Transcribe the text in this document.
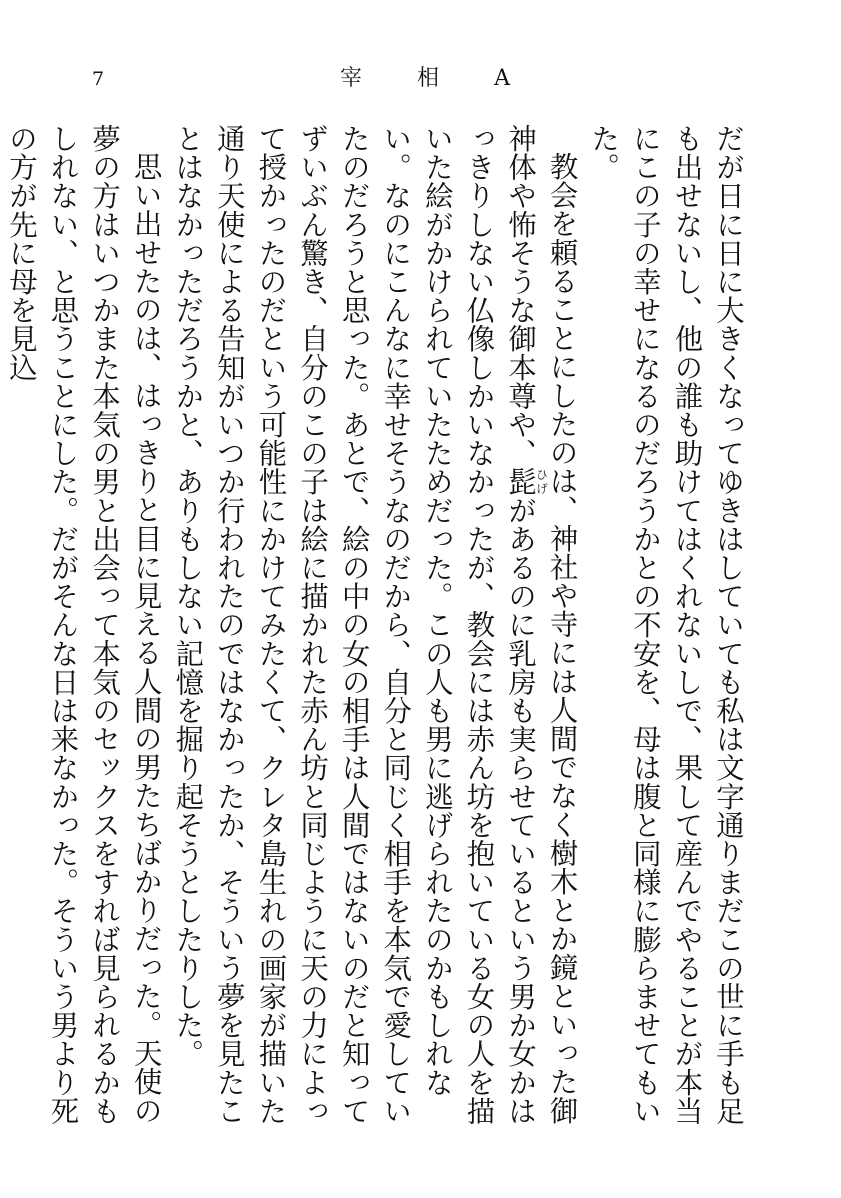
7	宰	相	A

だが日に日に大きくなってゆきはしていても私は文字通りまだこの世に手も足も出せないし、他の誰も助けてはくれないしで、果して産んでやることが本当にこの子の幸せになるのだろうかとの不安を、母は腹と同様に膨らませてもいた。

教会を頼ることにしたのは、神社や寺には人間でなく樹木とか鏡といった御神体や怖そうな御本尊や、髭ひげがあるのに乳房も実らせているという男か女かはっきりしない仏像しかいなかったが、教会には赤ん坊を抱いている女の人を描いた絵がかけられていたためだった。この人も男に逃げられたのかもしれない。なのにこんなに幸せそうなのだから、自分と同じく相手を本気で愛していたのだろうと思った。あとで、絵の中の女の相手は人間ではないのだと知ってずいぶん驚き、自分のこの子は絵に描かれた赤ん坊と同じように天の力によって授かったのだという可能性にかけてみたくて、クレタ島生れの画家が描いた通り天使による告知がいつか行われたのではなかったか、そういう夢を見たことはなかっただろうかと、ありもしない記憶を掘り起そうとしたりした。

思い出せたのは、はっきりと目に見える人間の男たちばかりだった。天使の夢の方はいつかまた本気の男と出会って本気のセックスをすれば見られるかもしれない、と思うことにした。だがそんな日は来なかった。そういう男より死の方が先に母を見込
